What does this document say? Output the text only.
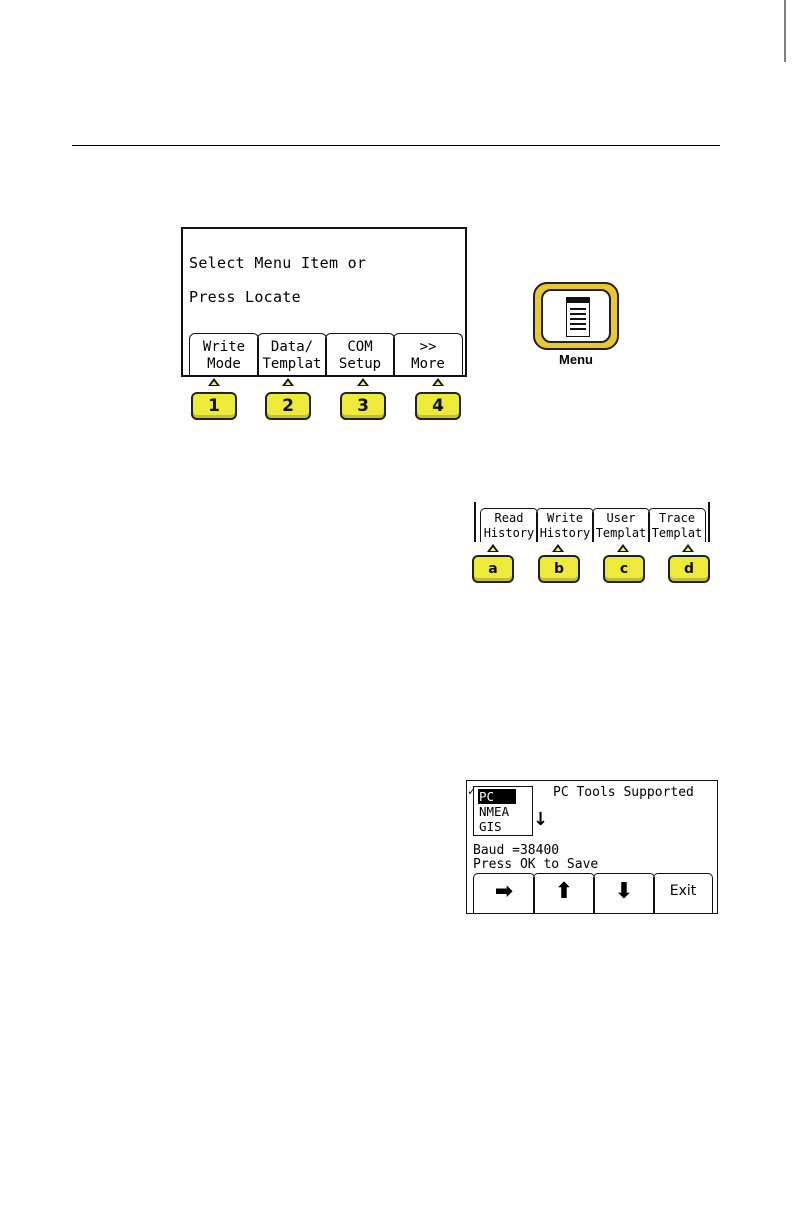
Select Menu Item or
Press Locate
Write
Mode
Data/
Templat
COM
Setup
>>
More
1	2	3	4
Menu
Read
History
Write
History
User
Templat
Trace
Templat
a	b	c	d
✓ PC
NMEA
GIS ↓
PC Tools Supported
Baud =38400
Press OK to Save
➡	⬆	⬇	Exit
